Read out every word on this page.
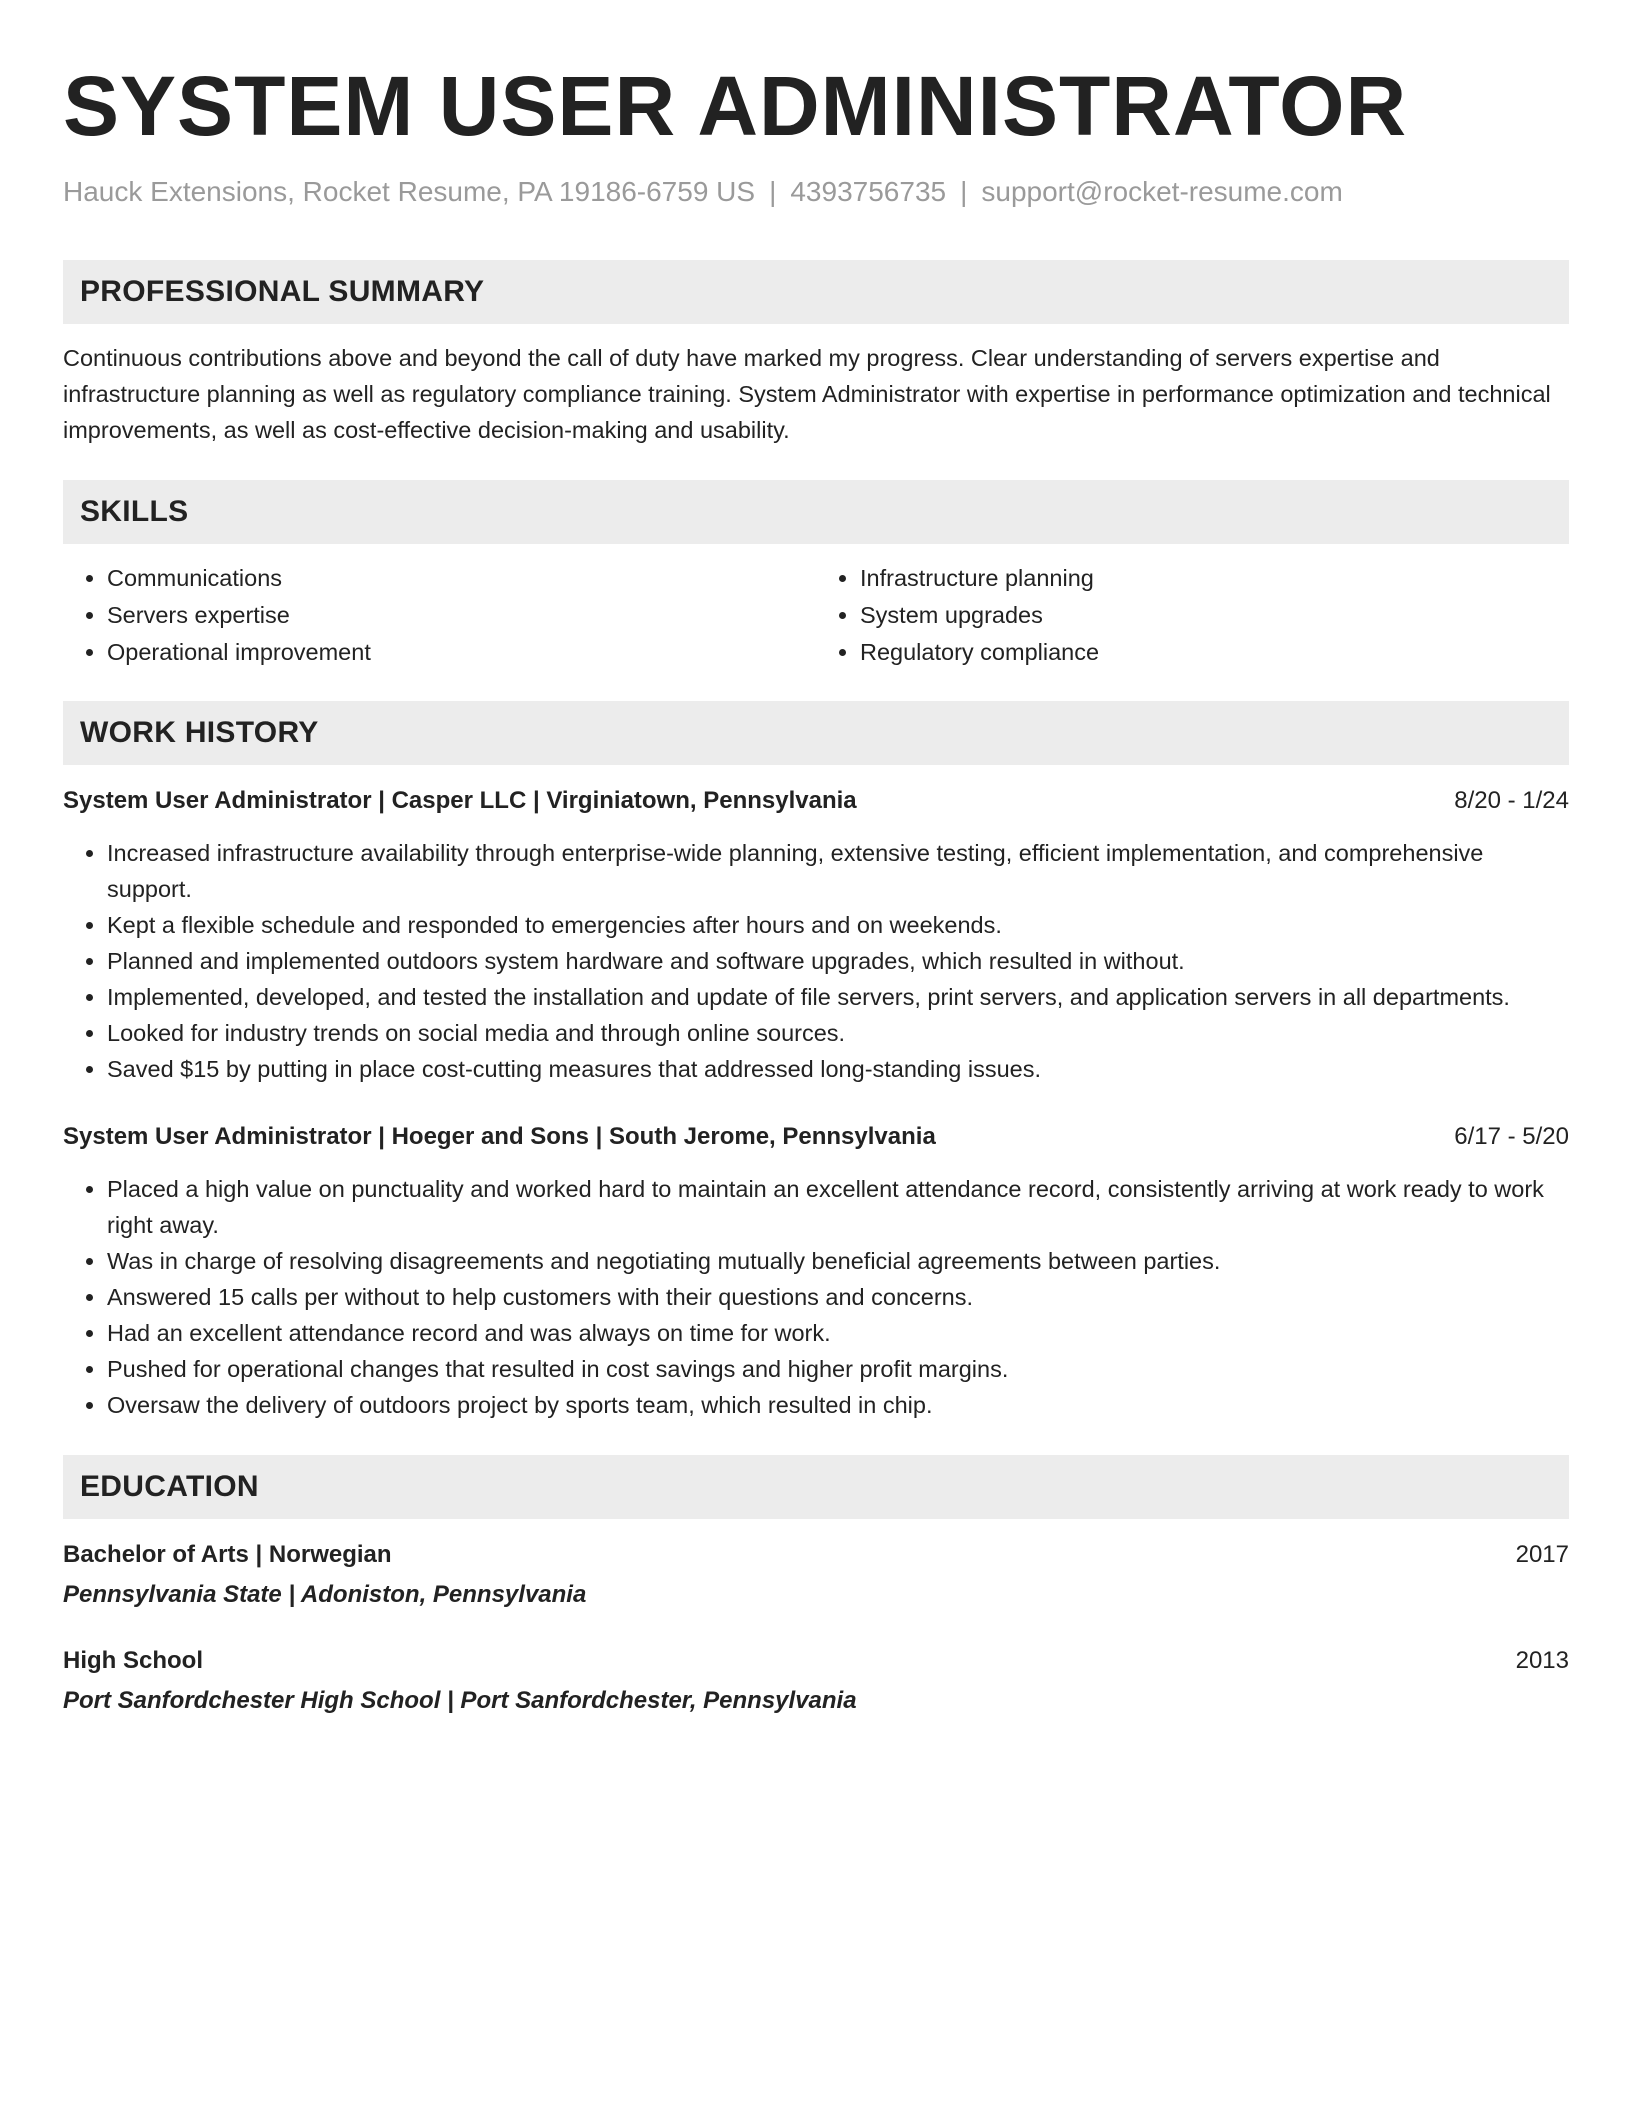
SYSTEM USER ADMINISTRATOR
Hauck Extensions, Rocket Resume, PA 19186-6759 US | 4393756735 | support@rocket-resume.com
PROFESSIONAL SUMMARY

Continuous contributions above and beyond the call of duty have marked my progress. Clear understanding of servers expertise and infrastructure planning as well as regulatory compliance training. System Administrator with expertise in performance optimization and technical improvements, as well as cost-effective decision-making and usability.

SKILLS
• Communications
• Servers expertise
• Operational improvement
• Infrastructure planning
• System upgrades
• Regulatory compliance
WORK HISTORY
System User Administrator | Casper LLC | Virginiatown, Pennsylvania	8/20 - 1/24
• Increased infrastructure availability through enterprise-wide planning, extensive testing, efficient implementation, and comprehensive support.
• Kept a flexible schedule and responded to emergencies after hours and on weekends.
• Planned and implemented outdoors system hardware and software upgrades, which resulted in without.
• Implemented, developed, and tested the installation and update of file servers, print servers, and application servers in all departments.
• Looked for industry trends on social media and through online sources.
• Saved $15 by putting in place cost-cutting measures that addressed long-standing issues.
System User Administrator | Hoeger and Sons | South Jerome, Pennsylvania	6/17 - 5/20
• Placed a high value on punctuality and worked hard to maintain an excellent attendance record, consistently arriving at work ready to work right away.
• Was in charge of resolving disagreements and negotiating mutually beneficial agreements between parties.
• Answered 15 calls per without to help customers with their questions and concerns.
• Had an excellent attendance record and was always on time for work.
• Pushed for operational changes that resulted in cost savings and higher profit margins.
• Oversaw the delivery of outdoors project by sports team, which resulted in chip.
EDUCATION
Bachelor of Arts | Norwegian	2017
Pennsylvania State | Adoniston, Pennsylvania
High School	2013
Port Sanfordchester High School | Port Sanfordchester, Pennsylvania
